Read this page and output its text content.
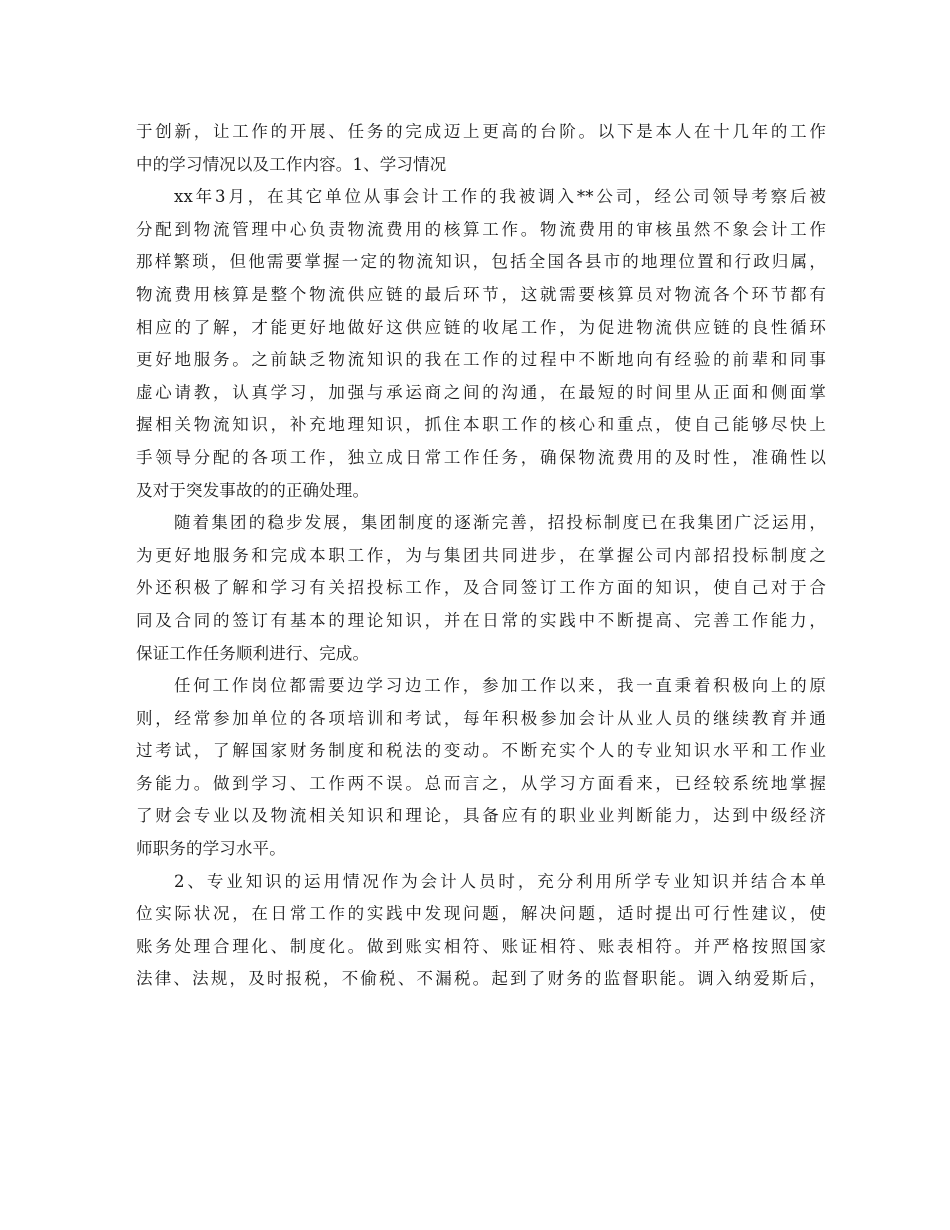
于创新，让工作的开展、任务的完成迈上更高的台阶。以下是本人在十几年的工作
中的学习情况以及工作内容。1、学习情况
xx年3月，在其它单位从事会计工作的我被调入**公司，经公司领导考察后被
分配到物流管理中心负责物流费用的核算工作。物流费用的审核虽然不象会计工作
那样繁琐，但他需要掌握一定的物流知识，包括全国各县市的地理位置和行政归属，
物流费用核算是整个物流供应链的最后环节，这就需要核算员对物流各个环节都有
相应的了解，才能更好地做好这供应链的收尾工作，为促进物流供应链的良性循环
更好地服务。之前缺乏物流知识的我在工作的过程中不断地向有经验的前辈和同事
虚心请教，认真学习，加强与承运商之间的沟通，在最短的时间里从正面和侧面掌
握相关物流知识，补充地理知识，抓住本职工作的核心和重点，使自己能够尽快上
手领导分配的各项工作，独立成日常工作任务，确保物流费用的及时性，准确性以
及对于突发事故的的正确处理。
随着集团的稳步发展，集团制度的逐渐完善，招投标制度已在我集团广泛运用，
为更好地服务和完成本职工作，为与集团共同进步，在掌握公司内部招投标制度之
外还积极了解和学习有关招投标工作，及合同签订工作方面的知识，使自己对于合
同及合同的签订有基本的理论知识，并在日常的实践中不断提高、完善工作能力，
保证工作任务顺利进行、完成。
任何工作岗位都需要边学习边工作，参加工作以来，我一直秉着积极向上的原
则，经常参加单位的各项培训和考试，每年积极参加会计从业人员的继续教育并通
过考试，了解国家财务制度和税法的变动。不断充实个人的专业知识水平和工作业
务能力。做到学习、工作两不误。总而言之，从学习方面看来，已经较系统地掌握
了财会专业以及物流相关知识和理论，具备应有的职业业判断能力，达到中级经济
师职务的学习水平。
2、专业知识的运用情况作为会计人员时，充分利用所学专业知识并结合本单
位实际状况，在日常工作的实践中发现问题，解决问题，适时提出可行性建议，使
账务处理合理化、制度化。做到账实相符、账证相符、账表相符。并严格按照国家
法律、法规，及时报税，不偷税、不漏税。起到了财务的监督职能。调入纳爱斯后，
